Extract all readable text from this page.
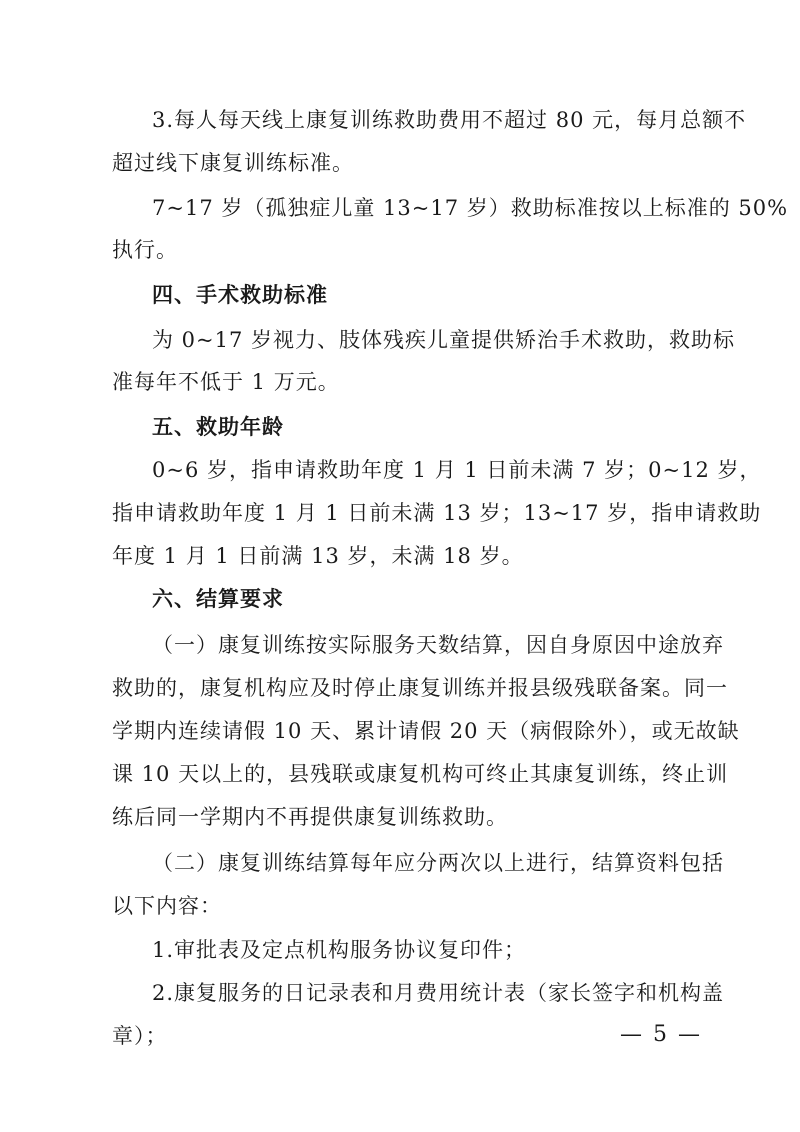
3.每人每天线上康复训练救助费用不超过 80 元，每月总额不
超过线下康复训练标准。
7~17 岁（孤独症儿童 13~17 岁）救助标准按以上标准的 50%
执行。
四、手术救助标准
为 0~17 岁视力、肢体残疾儿童提供矫治手术救助，救助标
准每年不低于 1 万元。
五、救助年龄
0~6 岁，指申请救助年度 1 月 1 日前未满 7 岁；0~12 岁，
指申请救助年度 1 月 1 日前未满 13 岁；13~17 岁，指申请救助
年度 1 月 1 日前满 13 岁，未满 18 岁。
六、结算要求
（一）康复训练按实际服务天数结算，因自身原因中途放弃
救助的，康复机构应及时停止康复训练并报县级残联备案。同一
学期内连续请假 10 天、累计请假 20 天（病假除外），或无故缺
课 10 天以上的，县残联或康复机构可终止其康复训练，终止训
练后同一学期内不再提供康复训练救助。
（二）康复训练结算每年应分两次以上进行，结算资料包括
以下内容：
1.审批表及定点机构服务协议复印件；
2.康复服务的日记录表和月费用统计表（家长签字和机构盖
章）；	— 5 —
